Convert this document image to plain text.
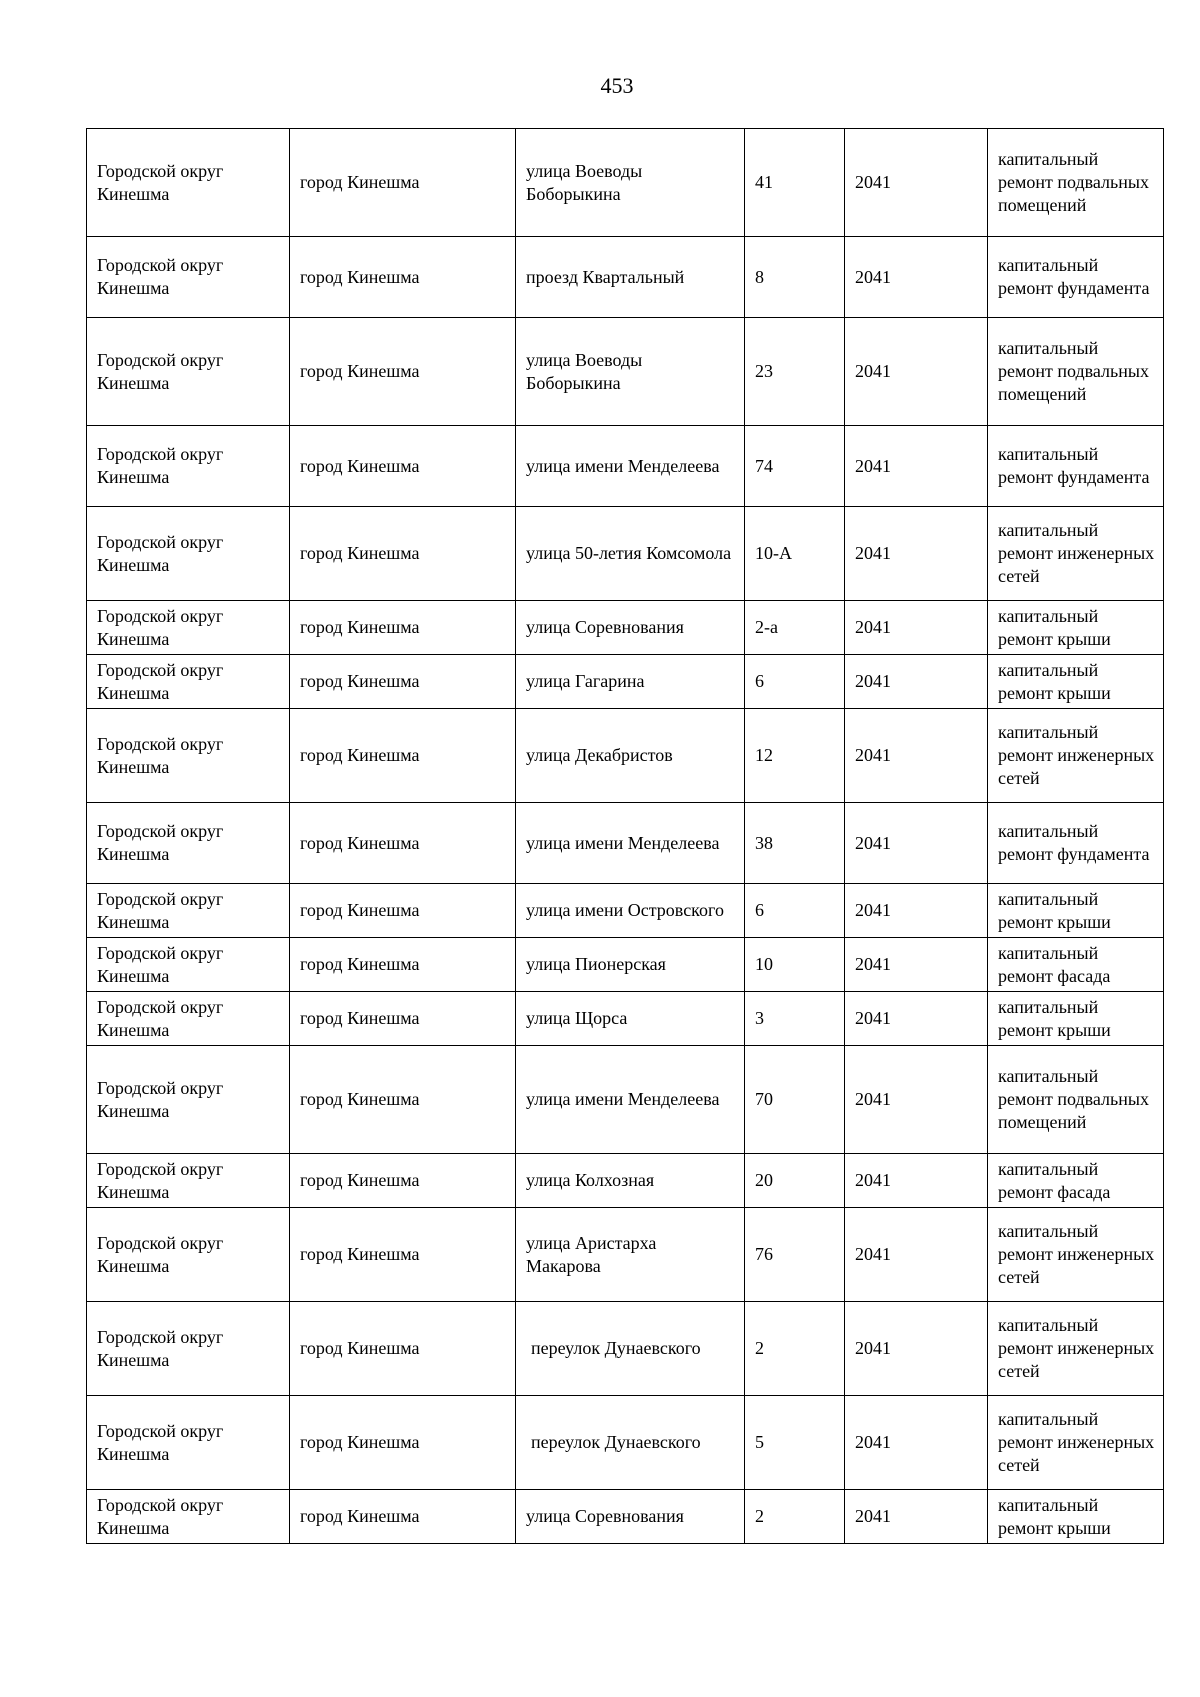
453
Городской округ Кинешма	город Кинешма	улица Воеводы Боборыкина	41	2041	капитальный ремонт подвальных помещений
Городской округ Кинешма	город Кинешма	проезд Квартальный	8	2041	капитальный ремонт фундамента
Городской округ Кинешма	город Кинешма	улица Воеводы Боборыкина	23	2041	капитальный ремонт подвальных помещений
Городской округ Кинешма	город Кинешма	улица имени Менделеева	74	2041	капитальный ремонт фундамента
Городской округ Кинешма	город Кинешма	улица 50-летия Комсомола	10-А	2041	капитальный ремонт инженерных сетей
Городской округ Кинешма	город Кинешма	улица Соревнования	2-а	2041	капитальный ремонт крыши
Городской округ Кинешма	город Кинешма	улица Гагарина	6	2041	капитальный ремонт крыши
Городской округ Кинешма	город Кинешма	улица Декабристов	12	2041	капитальный ремонт инженерных сетей
Городской округ Кинешма	город Кинешма	улица имени Менделеева	38	2041	капитальный ремонт фундамента
Городской округ Кинешма	город Кинешма	улица имени Островского	6	2041	капитальный ремонт крыши
Городской округ Кинешма	город Кинешма	улица Пионерская	10	2041	капитальный ремонт фасада
Городской округ Кинешма	город Кинешма	улица Щорса	3	2041	капитальный ремонт крыши
Городской округ Кинешма	город Кинешма	улица имени Менделеева	70	2041	капитальный ремонт подвальных помещений
Городской округ Кинешма	город Кинешма	улица Колхозная	20	2041	капитальный ремонт фасада
Городской округ Кинешма	город Кинешма	улица Аристарха Макарова	76	2041	капитальный ремонт инженерных сетей
Городской округ Кинешма	город Кинешма	переулок Дунаевского	2	2041	капитальный ремонт инженерных сетей
Городской округ Кинешма	город Кинешма	переулок Дунаевского	5	2041	капитальный ремонт инженерных сетей
Городской округ Кинешма	город Кинешма	улица Соревнования	2	2041	капитальный ремонт крыши
